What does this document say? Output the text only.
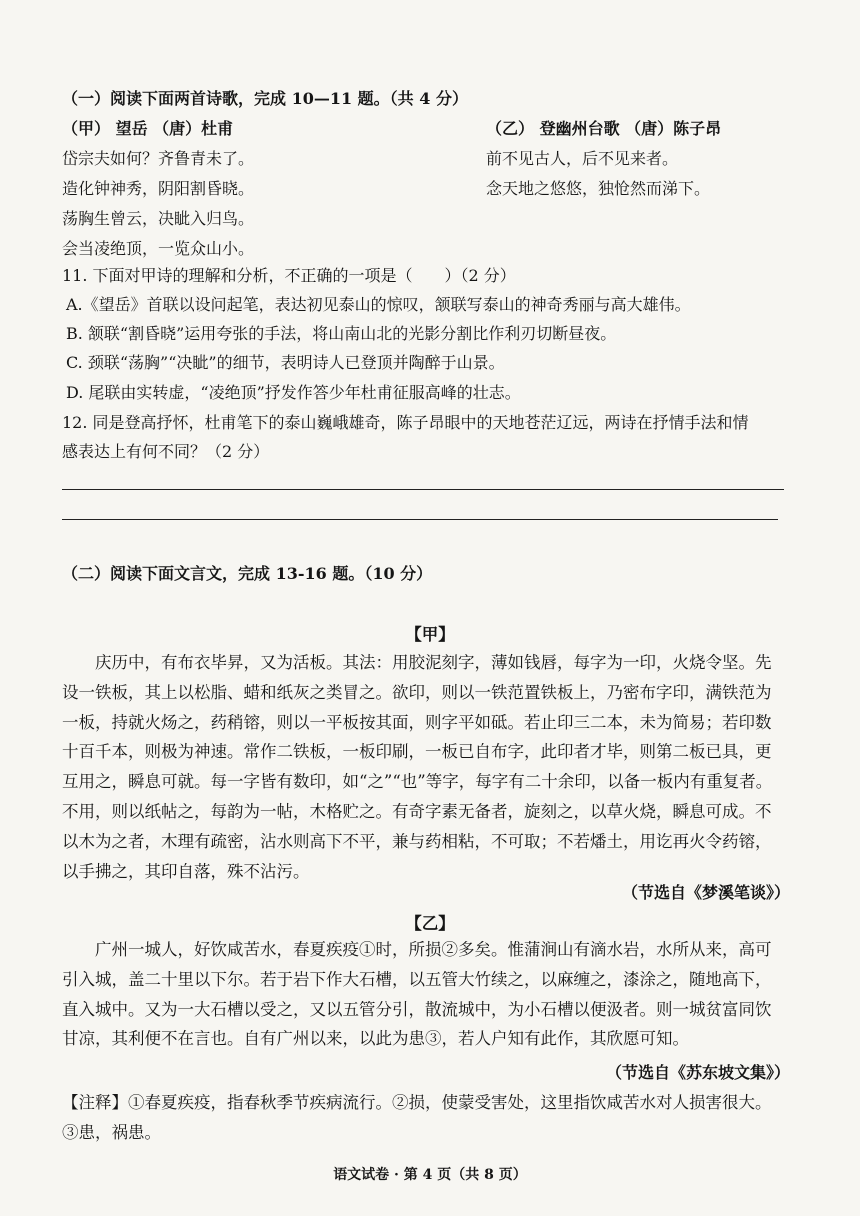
（一）阅读下面两首诗歌，完成 10—11 题。（共 4 分）
（甲） 望岳 （唐）杜甫
岱宗夫如何？齐鲁青未了。
造化钟神秀，阴阳割昏晓。
荡胸生曾云，决眦入归鸟。
会当凌绝顶，一览众山小。
（乙） 登幽州台歌 （唐）陈子昂
前不见古人，后不见来者。
念天地之悠悠，独怆然而涕下。
11. 下面对甲诗的理解和分析，不正确的一项是（　　）（2 分）
A.《望岳》首联以设问起笔，表达初见泰山的惊叹，颔联写泰山的神奇秀丽与高大雄伟。
B. 颔联“割昏晓”运用夸张的手法，将山南山北的光影分割比作利刃切断昼夜。
C. 颈联“荡胸”“决眦”的细节，表明诗人已登顶并陶醉于山景。
D. 尾联由实转虚，“凌绝顶”抒发作答少年杜甫征服高峰的壮志。
12. 同是登高抒怀，杜甫笔下的泰山巍峨雄奇，陈子昂眼中的天地苍茫辽远，两诗在抒情手法和情
感表达上有何不同？（2 分）
（二）阅读下面文言文，完成 13-16 题。（10 分）
【甲】
庆历中，有布衣毕昇，又为活板。其法：用胶泥刻字，薄如钱唇，每字为一印，火烧令坚。先设一铁板，其上以松脂、蜡和纸灰之类冒之。欲印，则以一铁范置铁板上，乃密布字印，满铁范为一板，持就火炀之，药稍镕，则以一平板按其面，则字平如砥。若止印三二本，未为简易；若印数十百千本，则极为神速。常作二铁板，一板印刷，一板已自布字，此印者才毕，则第二板已具，更互用之，瞬息可就。每一字皆有数印，如“之”“也”等字，每字有二十余印，以备一板内有重复者。不用，则以纸帖之，每韵为一帖，木格贮之。有奇字素无备者，旋刻之，以草火烧，瞬息可成。不以木为之者，木理有疏密，沾水则高下不平，兼与药相粘，不可取；不若燔土，用讫再火令药镕，以手拂之，其印自落，殊不沾污。
（节选自《梦溪笔谈》）
【乙】
广州一城人，好饮咸苦水，春夏疾疫①时，所损②多矣。惟蒲涧山有滴水岩，水所从来，高可引入城，盖二十里以下尔。若于岩下作大石槽，以五管大竹续之，以麻缠之，漆涂之，随地高下，直入城中。又为一大石槽以受之，又以五管分引，散流城中，为小石槽以便汲者。则一城贫富同饮甘凉，其利便不在言也。自有广州以来，以此为患③，若人户知有此作，其欣愿可知。
（节选自《苏东坡文集》）
【注释】①春夏疾疫，指春秋季节疾病流行。②损，使蒙受害处，这里指饮咸苦水对人损害很大。③患，祸患。
语文试卷 · 第 4 页（共 8 页）
